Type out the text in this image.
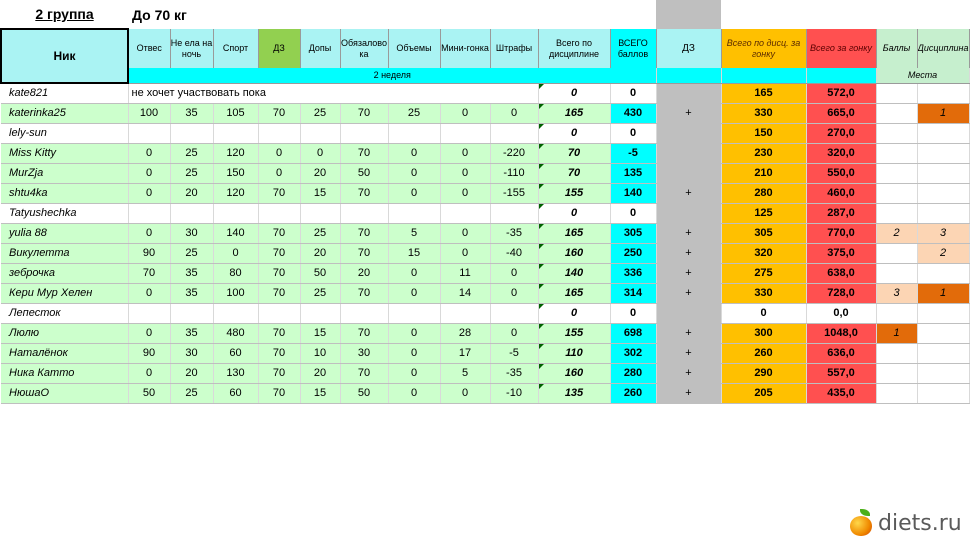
2 группа	До 70 кг															
Ник	Отвес	Не ела на ночь	Спорт	ДЗ	Допы	Обязалово ка	Объемы	Мини-гонка	Штрафы	Всего по дисциплине	ВСЕГО баллов	ДЗ	Всего по дисц. за гонку	Всего за гонку	Баллы	Дисциплина
	2 неделя														Места	
kate821	не хочет участвовать пока									0	0		165	572,0		
katerinka25	100	35	105	70	25	70	25	0	0	165	430	+	330	665,0		1
lely-sun										0	0		150	270,0		
Miss Kitty	0	25	120	0	0	70	0	0	-220	70	-5		230	320,0		
MurZja	0	25	150	0	20	50	0	0	-110	70	135		210	550,0		
shtu4ka	0	20	120	70	15	70	0	0	-155	155	140	+	280	460,0		
Tatyushechka										0	0		125	287,0		
yulia 88	0	30	140	70	25	70	5	0	-35	165	305	+	305	770,0	2	3
Викулетта	90	25	0	70	20	70	15	0	-40	160	250	+	320	375,0		2
зеброчка	70	35	80	70	50	20	0	11	0	140	336	+	275	638,0		
Кери Мур Хелен	0	35	100	70	25	70	0	14	0	165	314	+	330	728,0	3	1
Лепесток										0	0		0	0,0		
Люлю	0	35	480	70	15	70	0	28	0	155	698	+	300	1048,0	1	
Наталёнок	90	30	60	70	10	30	0	17	-5	110	302	+	260	636,0		
Ника Катто	0	20	130	70	20	70	0	5	-35	160	280	+	290	557,0		
НюшаО	50	25	60	70	15	50	0	0	-10	135	260	+	205	435,0		
diets.ru
